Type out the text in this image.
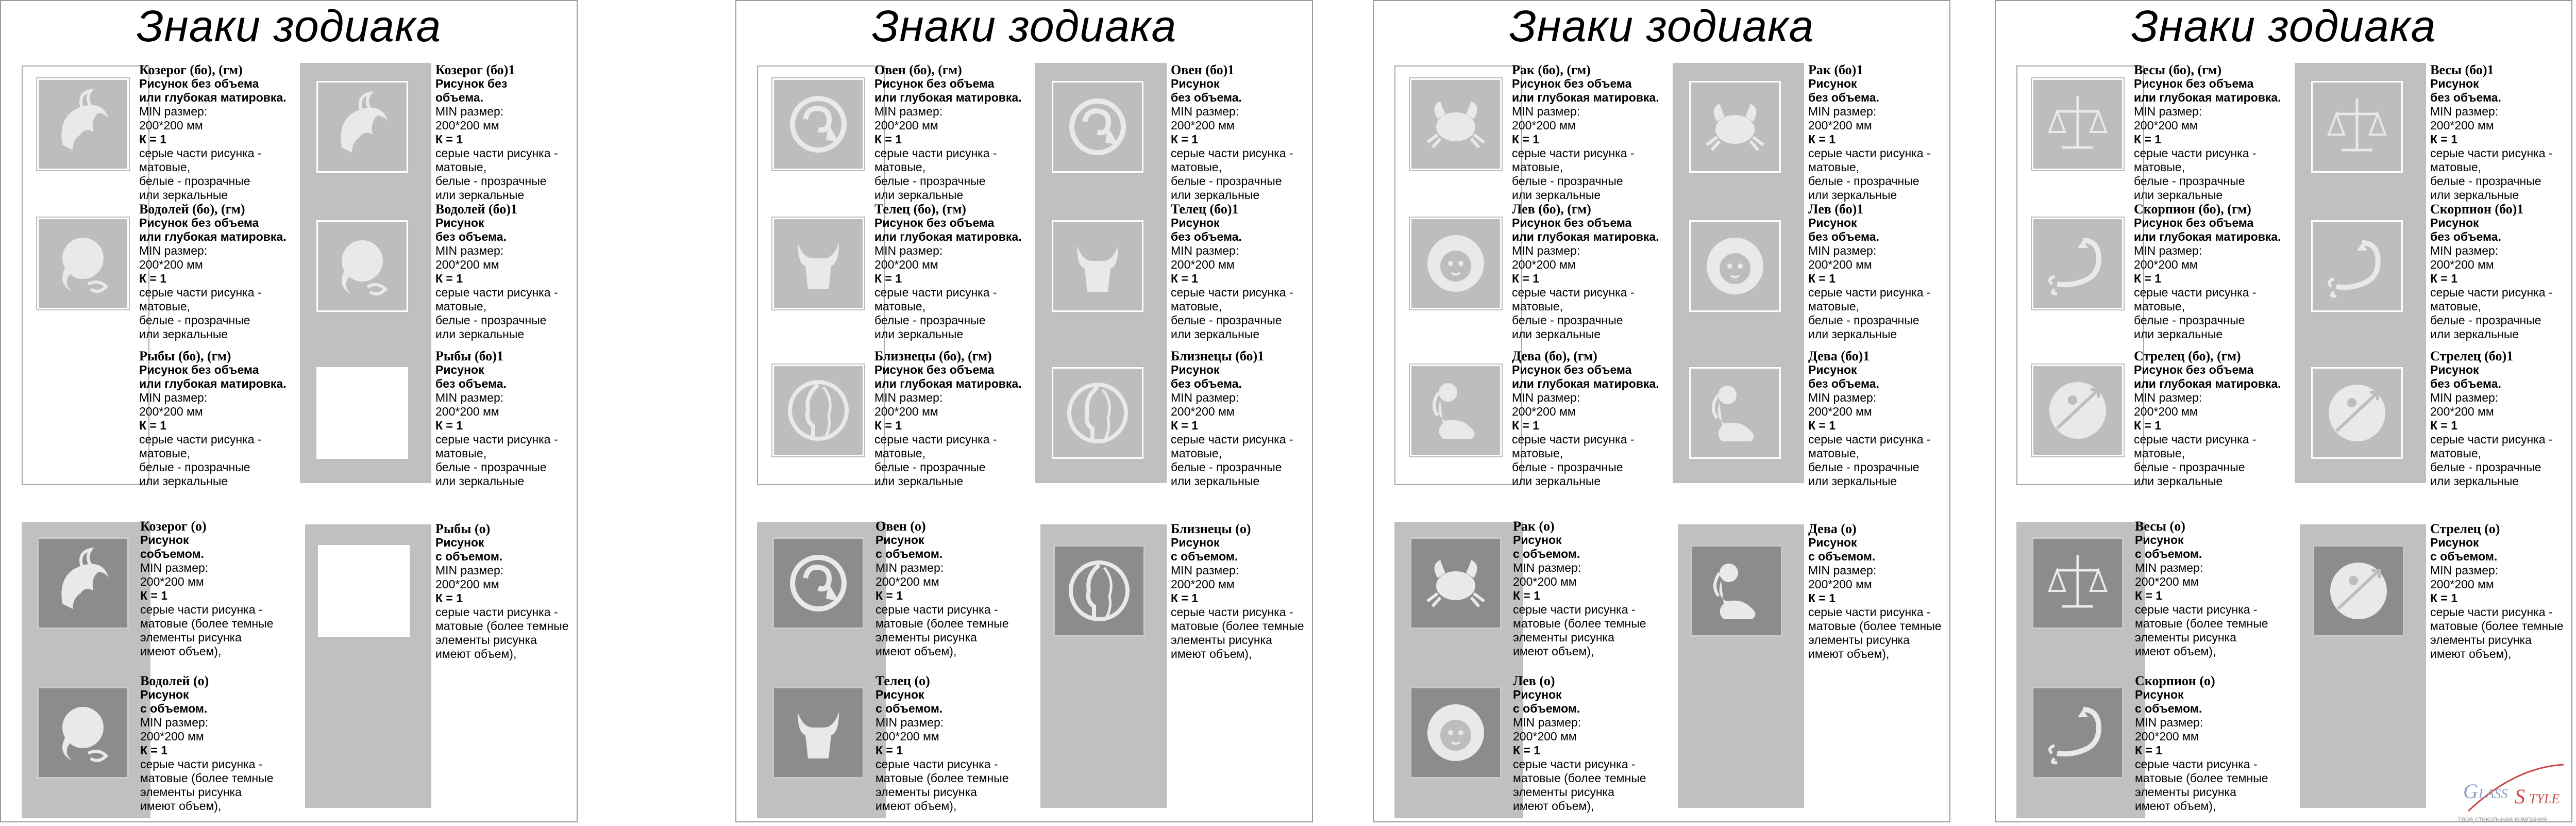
Знаки зодиака
Козерог (бо), (гм)
Рисунок без объема
или глубокая матировка.
MIN размер:
200*200 мм
К = 1
серые части рисунка -
матовые,
белые - прозрачные
или зеркальные
Козерог (бо)1
Рисунок без
объема.
MIN размер:
200*200 мм
К = 1
серые части рисунка -
матовые,
белые - прозрачные
или зеркальные
Водолей (бо), (гм)
Рисунок без объема
или глубокая матировка.
MIN размер:
200*200 мм
К = 1
серые части рисунка -
матовые,
белые - прозрачные
или зеркальные
Водолей (бо)1
Рисунок
без объема.
MIN размер:
200*200 мм
К = 1
серые части рисунка -
матовые,
белые - прозрачные
или зеркальные
Рыбы (бо), (гм)
Рисунок без объема
или глубокая матировка.
MIN размер:
200*200 мм
К = 1
серые части рисунка -
матовые,
белые - прозрачные
или зеркальные
Рыбы (бо)1
Рисунок
без объема.
MIN размер:
200*200 мм
К = 1
серые части рисунка -
матовые,
белые - прозрачные
или зеркальные
Козерог (о)
Рисунок
собъемом.
MIN размер:
200*200 мм
К = 1
серые части рисунка -
матовые (более темные
элементы рисунка
имеют объем),
Рыбы (о)
Рисунок
с объемом.
MIN размер:
200*200 мм
К = 1
серые части рисунка -
матовые (более темные
элементы рисунка
имеют объем),
Водолей (о)
Рисунок
с объемом.
MIN размер:
200*200 мм
К = 1
серые части рисунка -
матовые (более темные
элементы рисунка
имеют объем),
Знаки зодиака
Овен (бо), (гм)
Рисунок без объема
или глубокая матировка.
MIN размер:
200*200 мм
К = 1
серые части рисунка -
матовые,
белые - прозрачные
или зеркальные
Овен (бо)1
Рисунок
без объема.
MIN размер:
200*200 мм
К = 1
серые части рисунка -
матовые,
белые - прозрачные
или зеркальные
Телец (бо), (гм)
Рисунок без объема
или глубокая матировка.
MIN размер:
200*200 мм
К = 1
серые части рисунка -
матовые,
белые - прозрачные
или зеркальные
Телец (бо)1
Рисунок
без объема.
MIN размер:
200*200 мм
К = 1
серые части рисунка -
матовые,
белые - прозрачные
или зеркальные
Близнецы (бо), (гм)
Рисунок без объема
или глубокая матировка.
MIN размер:
200*200 мм
К = 1
серые части рисунка -
матовые,
белые - прозрачные
или зеркальные
Близнецы (бо)1
Рисунок
без объема.
MIN размер:
200*200 мм
К = 1
серые части рисунка -
матовые,
белые - прозрачные
или зеркальные
Овен (о)
Рисунок
с объемом.
MIN размер:
200*200 мм
К = 1
серые части рисунка -
матовые (более темные
элементы рисунка
имеют объем),
Близнецы (о)
Рисунок
с объемом.
MIN размер:
200*200 мм
К = 1
серые части рисунка -
матовые (более темные
элементы рисунка
имеют объем),
Телец (о)
Рисунок
с объемом.
MIN размер:
200*200 мм
К = 1
серые части рисунка -
матовые (более темные
элементы рисунка
имеют объем),
Знаки зодиака
Рак (бо), (гм)
Рисунок без объема
или глубокая матировка.
MIN размер:
200*200 мм
К = 1
серые части рисунка -
матовые,
белые - прозрачные
или зеркальные
Рак (бо)1
Рисунок
без объема.
MIN размер:
200*200 мм
К = 1
серые части рисунка -
матовые,
белые - прозрачные
или зеркальные
Лев (бо), (гм)
Рисунок без объема
или глубокая матировка.
MIN размер:
200*200 мм
К = 1
серые части рисунка -
матовые,
белые - прозрачные
или зеркальные
Лев (бо)1
Рисунок
без объема.
MIN размер:
200*200 мм
К = 1
серые части рисунка -
матовые,
белые - прозрачные
или зеркальные
Дева (бо), (гм)
Рисунок без объема
или глубокая матировка.
MIN размер:
200*200 мм
К = 1
серые части рисунка -
матовые,
белые - прозрачные
или зеркальные
Дева (бо)1
Рисунок
без объема.
MIN размер:
200*200 мм
К = 1
серые части рисунка -
матовые,
белые - прозрачные
или зеркальные
Рак (о)
Рисунок
с объемом.
MIN размер:
200*200 мм
К = 1
серые части рисунка -
матовые (более темные
элементы рисунка
имеют объем),
Дева (о)
Рисунок
с объемом.
MIN размер:
200*200 мм
К = 1
серые части рисунка -
матовые (более темные
элементы рисунка
имеют объем),
Лев (о)
Рисунок
с объемом.
MIN размер:
200*200 мм
К = 1
серые части рисунка -
матовые (более темные
элементы рисунка
имеют объем),
Знаки зодиака
Весы (бо), (гм)
Рисунок без объема
или глубокая матировка.
MIN размер:
200*200 мм
К = 1
серые части рисунка -
матовые,
белые - прозрачные
или зеркальные
Весы (бо)1
Рисунок
без объема.
MIN размер:
200*200 мм
К = 1
серые части рисунка -
матовые,
белые - прозрачные
или зеркальные
Скорпион (бо), (гм)
Рисунок без объема
или глубокая матировка.
MIN размер:
200*200 мм
К = 1
серые части рисунка -
матовые,
белые - прозрачные
или зеркальные
Скорпион (бо)1
Рисунок
без объема.
MIN размер:
200*200 мм
К = 1
серые части рисунка -
матовые,
белые - прозрачные
или зеркальные
Стрелец (бо), (гм)
Рисунок без объема
или глубокая матировка.
MIN размер:
200*200 мм
К = 1
серые части рисунка -
матовые,
белые - прозрачные
или зеркальные
Стрелец (бо)1
Рисунок
без объема.
MIN размер:
200*200 мм
К = 1
серые части рисунка -
матовые,
белые - прозрачные
или зеркальные
Весы (о)
Рисунок
с объемом.
MIN размер:
200*200 мм
К = 1
серые части рисунка -
матовые (более темные
элементы рисунка
имеют объем),
Стрелец (о)
Рисунок
с объемом.
MIN размер:
200*200 мм
К = 1
серые части рисунка -
матовые (более темные
элементы рисунка
имеют объем),
Скорпион (о)
Рисунок
с объемом.
MIN размер:
200*200 мм
К = 1
серые части рисунка -
матовые (более темные
элементы рисунка
имеют объем),
G LASS S TYLE
твоя стекольная компания
